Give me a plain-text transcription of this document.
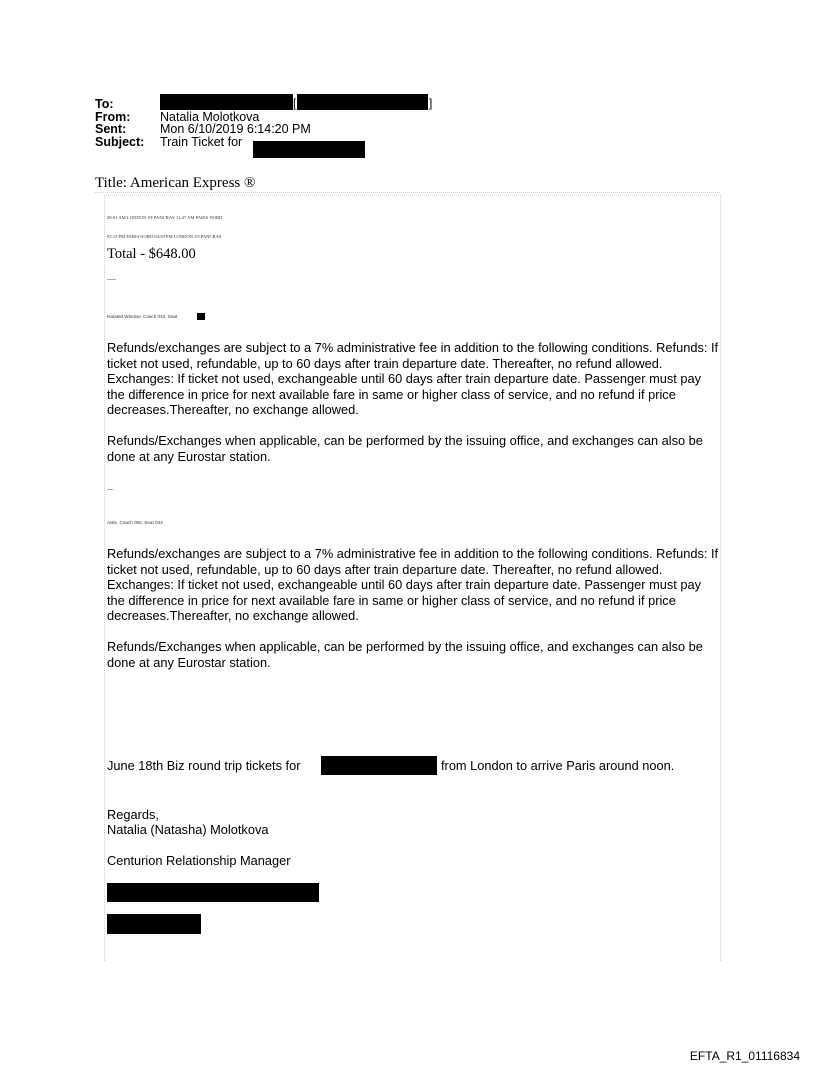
To:	[	]
From: Natalia Molotkova
Sent:	Mon 6/10/2019 6:14:20 PM
Subject: Train Ticket for
Title: American Express ®
08:01 AM LONDON ST-PANCRAS 11:47 AM PARIS NORD
03:13 PM PARIS NORD 04:39 PM LONDON ST-PANCRAS
Total - $648.00
Isolated Window, Coach 010, Seat

Refunds/exchanges are subject to a 7% administrative fee in addition to the following conditions. Refunds: If ticket not used, refundable, up to 60 days after train departure date. Thereafter, no refund allowed.

Exchanges: If ticket not used, exchangeable until 60 days after train departure date. Passenger must pay the difference in price for next available fare in same or higher class of service, and no refund if price decreases.Thereafter, no exchange allowed.

Refunds/Exchanges when applicable, can be performed by the issuing office, and exchanges can also be done at any Eurostar station.

Aisle, Coach 002, Seat 043

Refunds/exchanges are subject to a 7% administrative fee in addition to the following conditions. Refunds: If ticket not used, refundable, up to 60 days after train departure date. Thereafter, no refund allowed.

Exchanges: If ticket not used, exchangeable until 60 days after train departure date. Passenger must pay the difference in price for next available fare in same or higher class of service, and no refund if price decreases.Thereafter, no exchange allowed.

Refunds/Exchanges when applicable, can be performed by the issuing office, and exchanges can also be done at any Eurostar station.

June 18th Biz round trip tickets for	from London to arrive Paris around noon.
Regards,
Natalia (Natasha) Molotkova
Centurion Relationship Manager
EFTA_R1_01116834
